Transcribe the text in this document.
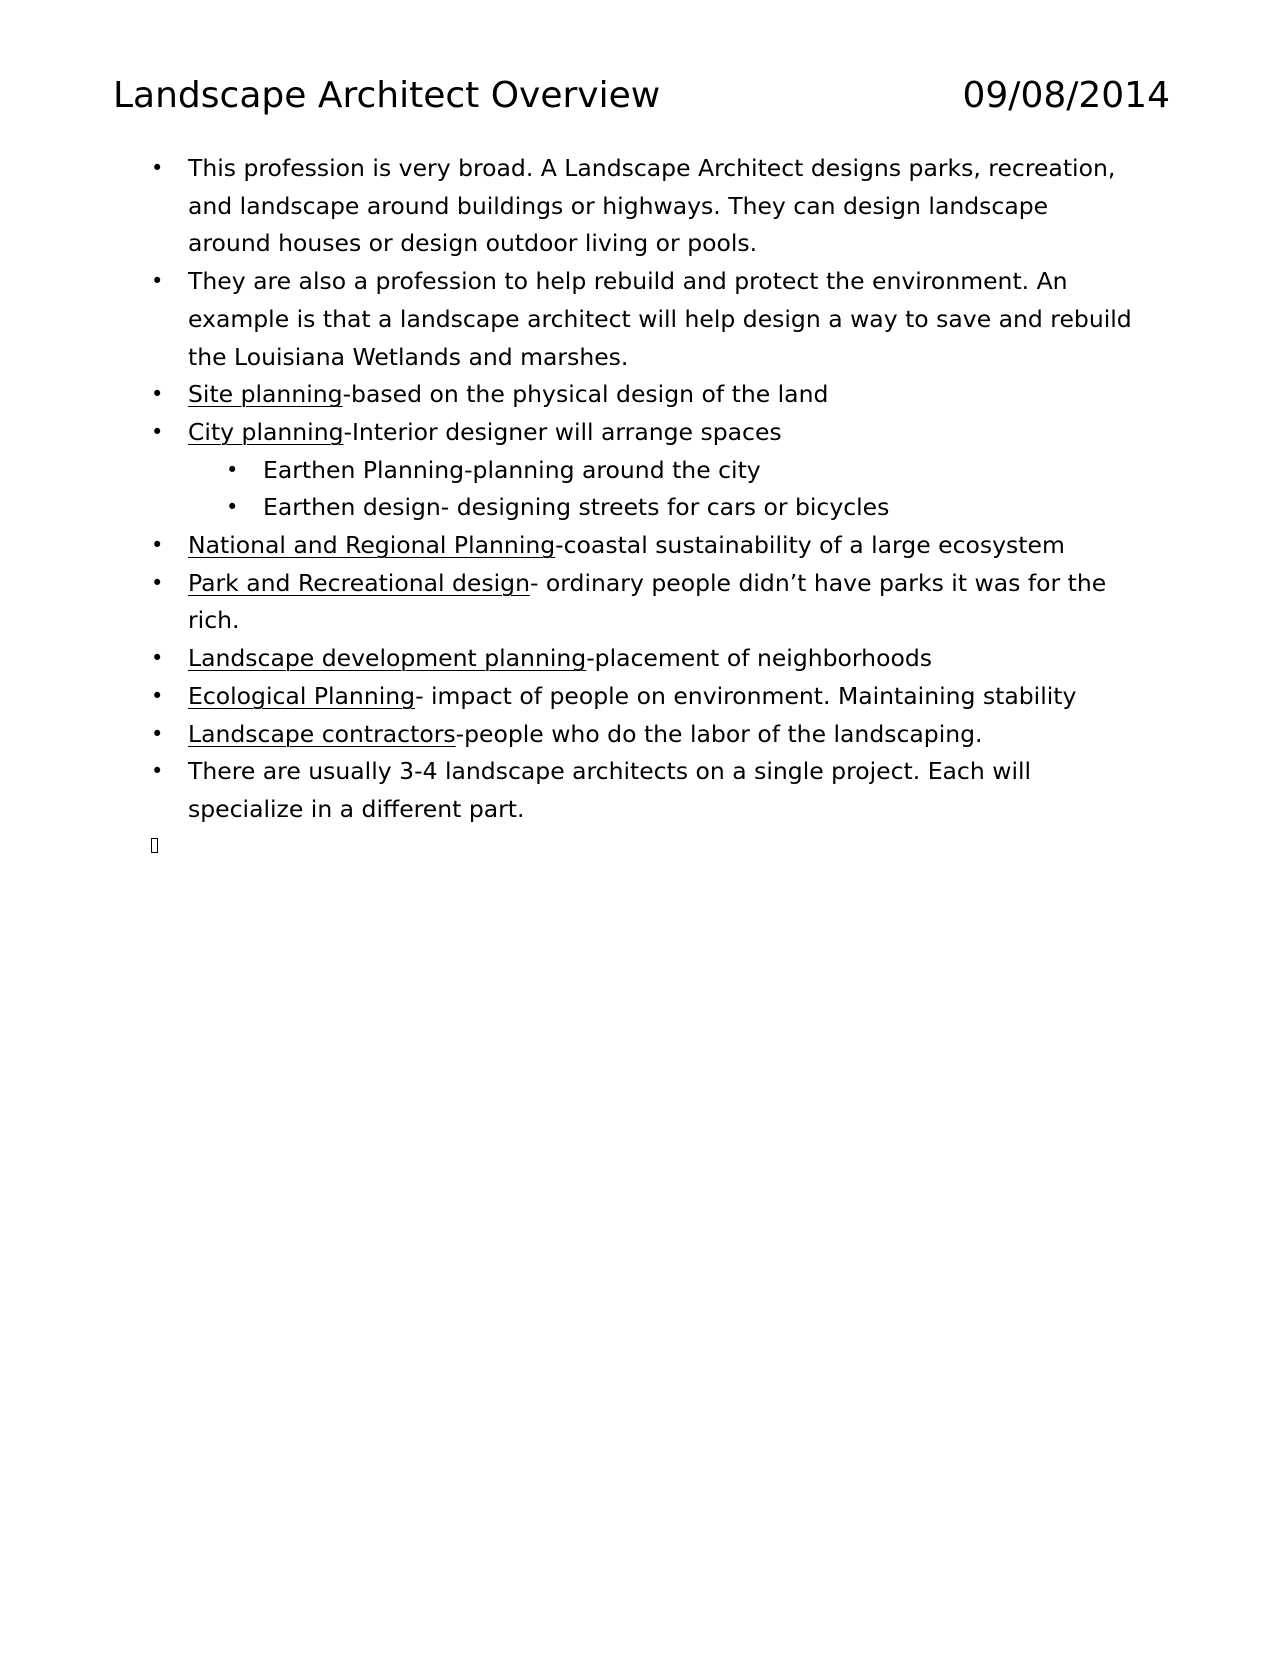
Landscape Architect Overview	09/08/2014
• This profession is very broad. A Landscape Architect designs parks, recreation, and landscape around buildings or highways. They can design landscape around houses or design outdoor living or pools.
• They are also a profession to help rebuild and protect the environment. An example is that a landscape architect will help design a way to save and rebuild the Louisiana Wetlands and marshes.
• Site planning-based on the physical design of the land
• City planning-Interior designer will arrange spaces
• Earthen Planning-planning around the city
• Earthen design- designing streets for cars or bicycles
• National and Regional Planning-coastal sustainability of a large ecosystem
• Park and Recreational design- ordinary people didn’t have parks it was for the rich.
• Landscape development planning-placement of neighborhoods
• Ecological Planning- impact of people on environment. Maintaining stability
• Landscape contractors-people who do the labor of the landscaping.
• There are usually 3-4 landscape architects on a single project. Each will specialize in a different part.
